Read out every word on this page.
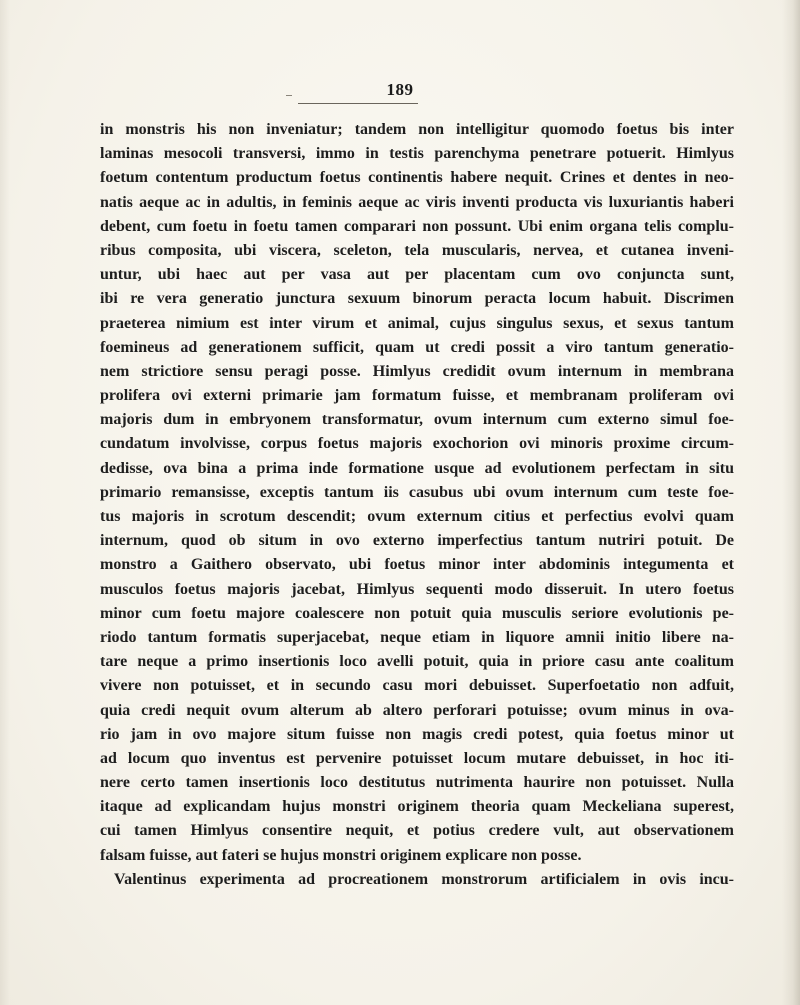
189
in monstris his non inveniatur; tandem non intelligitur quomodo foetus bis inter
laminas mesocoli transversi, immo in testis parenchyma penetrare potuerit. Himlyus
foetum contentum productum foetus continentis habere nequit. Crines et dentes in neo-
natis aeque ac in adultis, in feminis aeque ac viris inventi producta vis luxuriantis haberi
debent, cum foetu in foetu tamen comparari non possunt. Ubi enim organa telis complu-
ribus composita, ubi viscera, sceleton, tela muscularis, nervea, et cutanea inveni-
untur, ubi haec aut per vasa aut per placentam cum ovo conjuncta sunt,
ibi re vera generatio junctura sexuum binorum peracta locum habuit. Discrimen
praeterea nimium est inter virum et animal, cujus singulus sexus, et sexus tantum
foemineus ad generationem sufficit, quam ut credi possit a viro tantum generatio-
nem strictiore sensu peragi posse. Himlyus credidit ovum internum in membrana
prolifera ovi externi primarie jam formatum fuisse, et membranam proliferam ovi
majoris dum in embryonem transformatur, ovum internum cum externo simul foe-
cundatum involvisse, corpus foetus majoris exochorion ovi minoris proxime circum-
dedisse, ova bina a prima inde formatione usque ad evolutionem perfectam in situ
primario remansisse, exceptis tantum iis casubus ubi ovum internum cum teste foe-
tus majoris in scrotum descendit; ovum externum citius et perfectius evolvi quam
internum, quod ob situm in ovo externo imperfectius tantum nutriri potuit. De
monstro a Gaithero observato, ubi foetus minor inter abdominis integumenta et
musculos foetus majoris jacebat, Himlyus sequenti modo disseruit. In utero foetus
minor cum foetu majore coalescere non potuit quia musculis seriore evolutionis pe-
riodo tantum formatis superjacebat, neque etiam in liquore amnii initio libere na-
tare neque a primo insertionis loco avelli potuit, quia in priore casu ante coalitum
vivere non potuisset, et in secundo casu mori debuisset. Superfoetatio non adfuit,
quia credi nequit ovum alterum ab altero perforari potuisse; ovum minus in ova-
rio jam in ovo majore situm fuisse non magis credi potest, quia foetus minor ut
ad locum quo inventus est pervenire potuisset locum mutare debuisset, in hoc iti-
nere certo tamen insertionis loco destitutus nutrimenta haurire non potuisset. Nulla
itaque ad explicandam hujus monstri originem theoria quam Meckeliana superest,
cui tamen Himlyus consentire nequit, et potius credere vult, aut observationem
falsam fuisse, aut fateri se hujus monstri originem explicare non posse.
Valentinus experimenta ad procreationem monstrorum artificialem in ovis incu-
